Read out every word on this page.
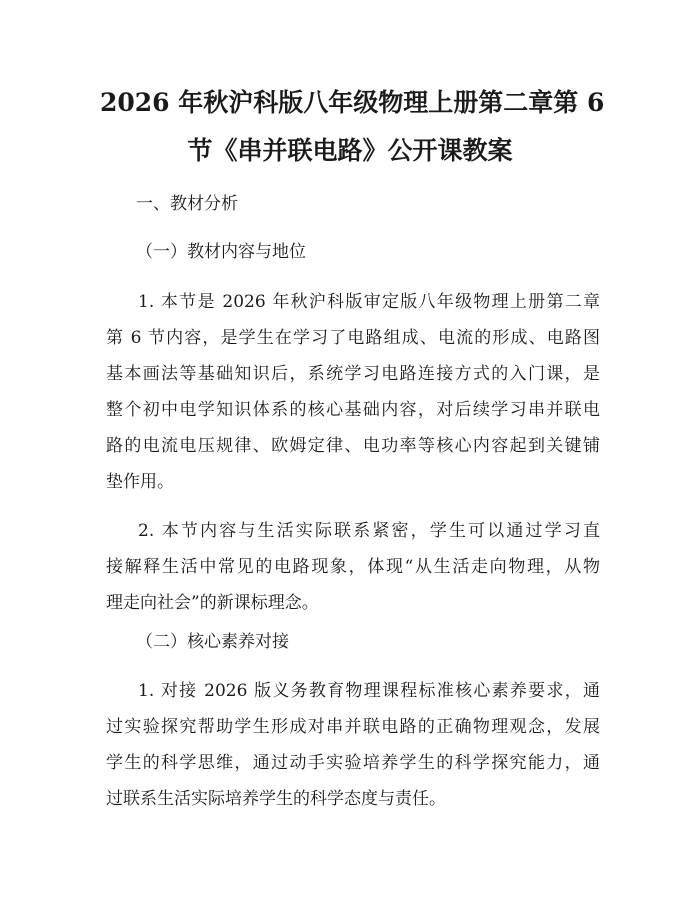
2026 年秋沪科版八年级物理上册第二章第 6
节《串并联电路》公开课教案
一、教材分析
（一）教材内容与地位
1. 本节是 2026 年秋沪科版审定版八年级物理上册第二章
第 6 节内容，是学生在学习了电路组成、电流的形成、电路图
基本画法等基础知识后，系统学习电路连接方式的入门课，是
整个初中电学知识体系的核心基础内容，对后续学习串并联电
路的电流电压规律、欧姆定律、电功率等核心内容起到关键铺
垫作用。
2. 本节内容与生活实际联系紧密，学生可以通过学习直
接解释生活中常见的电路现象，体现“从生活走向物理，从物
理走向社会”的新课标理念。
（二）核心素养对接
1. 对接 2026 版义务教育物理课程标准核心素养要求，通
过实验探究帮助学生形成对串并联电路的正确物理观念，发展
学生的科学思维，通过动手实验培养学生的科学探究能力，通
过联系生活实际培养学生的科学态度与责任。
